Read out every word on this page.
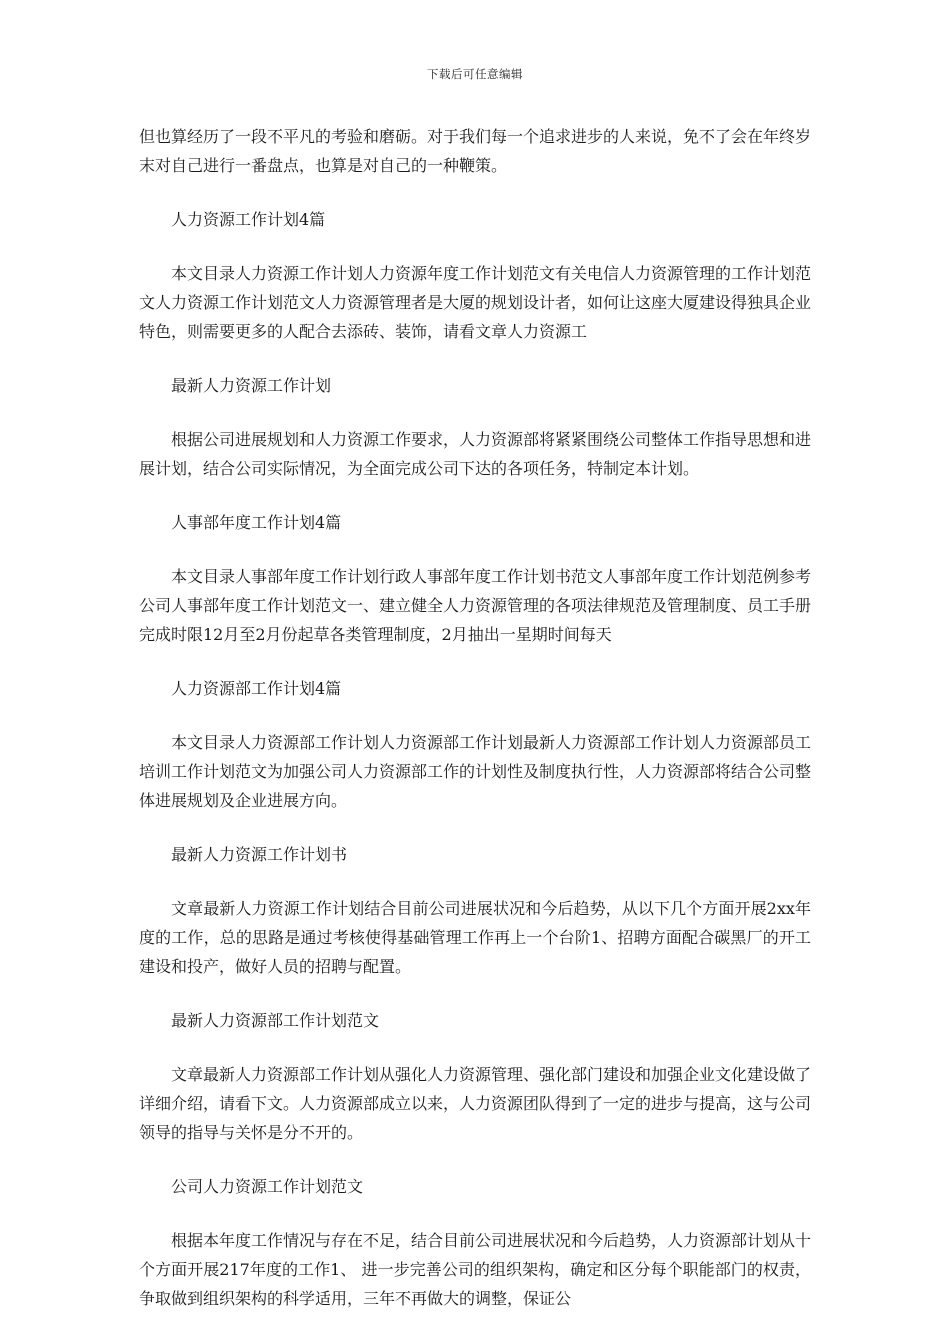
下载后可任意编辑

但也算经历了一段不平凡的考验和磨砺。对于我们每一个追求进步的人来说，免不了会在年终岁末对自己进行一番盘点，也算是对自己的一种鞭策。

人力资源工作计划4篇

本文目录人力资源工作计划人力资源年度工作计划范文有关电信人力资源管理的工作计划范文人力资源工作计划范文人力资源管理者是大厦的规划设计者，如何让这座大厦建设得独具企业特色，则需要更多的人配合去添砖、装饰，请看文章人力资源工

最新人力资源工作计划

根据公司进展规划和人力资源工作要求，人力资源部将紧紧围绕公司整体工作指导思想和进展计划，结合公司实际情况，为全面完成公司下达的各项任务，特制定本计划。

人事部年度工作计划4篇

本文目录人事部年度工作计划行政人事部年度工作计划书范文人事部年度工作计划范例参考公司人事部年度工作计划范文一、建立健全人力资源管理的各项法律规范及管理制度、员工手册完成时限12月至2月份起草各类管理制度，2月抽出一星期时间每天

人力资源部工作计划4篇

本文目录人力资源部工作计划人力资源部工作计划最新人力资源部工作计划人力资源部员工培训工作计划范文为加强公司人力资源部工作的计划性及制度执行性，人力资源部将结合公司整体进展规划及企业进展方向。

最新人力资源工作计划书

文章最新人力资源工作计划结合目前公司进展状况和今后趋势，从以下几个方面开展2xx年度的工作，总的思路是通过考核使得基础管理工作再上一个台阶1、招聘方面配合碳黑厂的开工建设和投产，做好人员的招聘与配置。

最新人力资源部工作计划范文

文章最新人力资源部工作计划从强化人力资源管理、强化部门建设和加强企业文化建设做了详细介绍，请看下文。人力资源部成立以来，人力资源团队得到了一定的进步与提高，这与公司领导的指导与关怀是分不开的。

公司人力资源工作计划范文

根据本年度工作情况与存在不足，结合目前公司进展状况和今后趋势，人力资源部计划从十个方面开展217年度的工作1、 进一步完善公司的组织架构，确定和区分每个职能部门的权责，争取做到组织架构的科学适用，三年不再做大的调整，保证公
